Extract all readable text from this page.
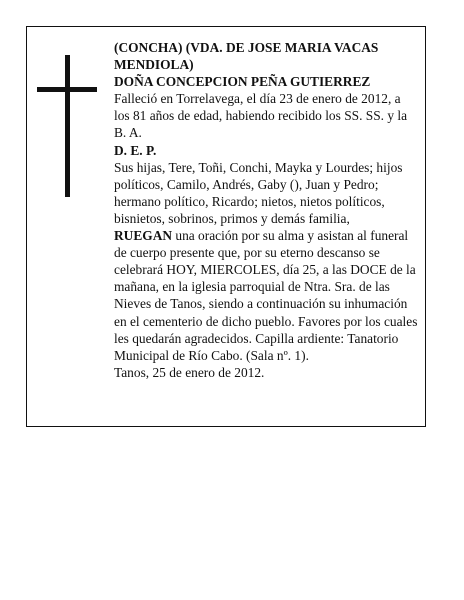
(CONCHA) (VDA. DE JOSE MARIA VACAS MENDIOLA)

DOÑA CONCEPCION PEÑA GUTIERREZ

Falleció en Torrelavega, el día 23 de enero de 2012, a los 81 años de edad, habiendo recibido los SS. SS. y la B. A.

D. E. P.

Sus hijas, Tere, Toñi, Conchi, Mayka y Lourdes; hijos políticos, Camilo, Andrés, Gaby (), Juan y Pedro; hermano político, Ricardo; nietos, nietos políticos, bisnietos, sobrinos, primos y demás familia,

RUEGAN una oración por su alma y asistan al funeral de cuerpo presente que, por su eterno descanso se celebrará HOY, MIERCOLES, día 25, a las DOCE de la mañana, en la iglesia parroquial de Ntra. Sra. de las Nieves de Tanos, siendo a continuación su inhumación en el cementerio de dicho pueblo. Favores por los cuales les quedarán agradecidos. Capilla ardiente: Tanatorio Municipal de Río Cabo. (Sala nº. 1).

Tanos, 25 de enero de 2012.
